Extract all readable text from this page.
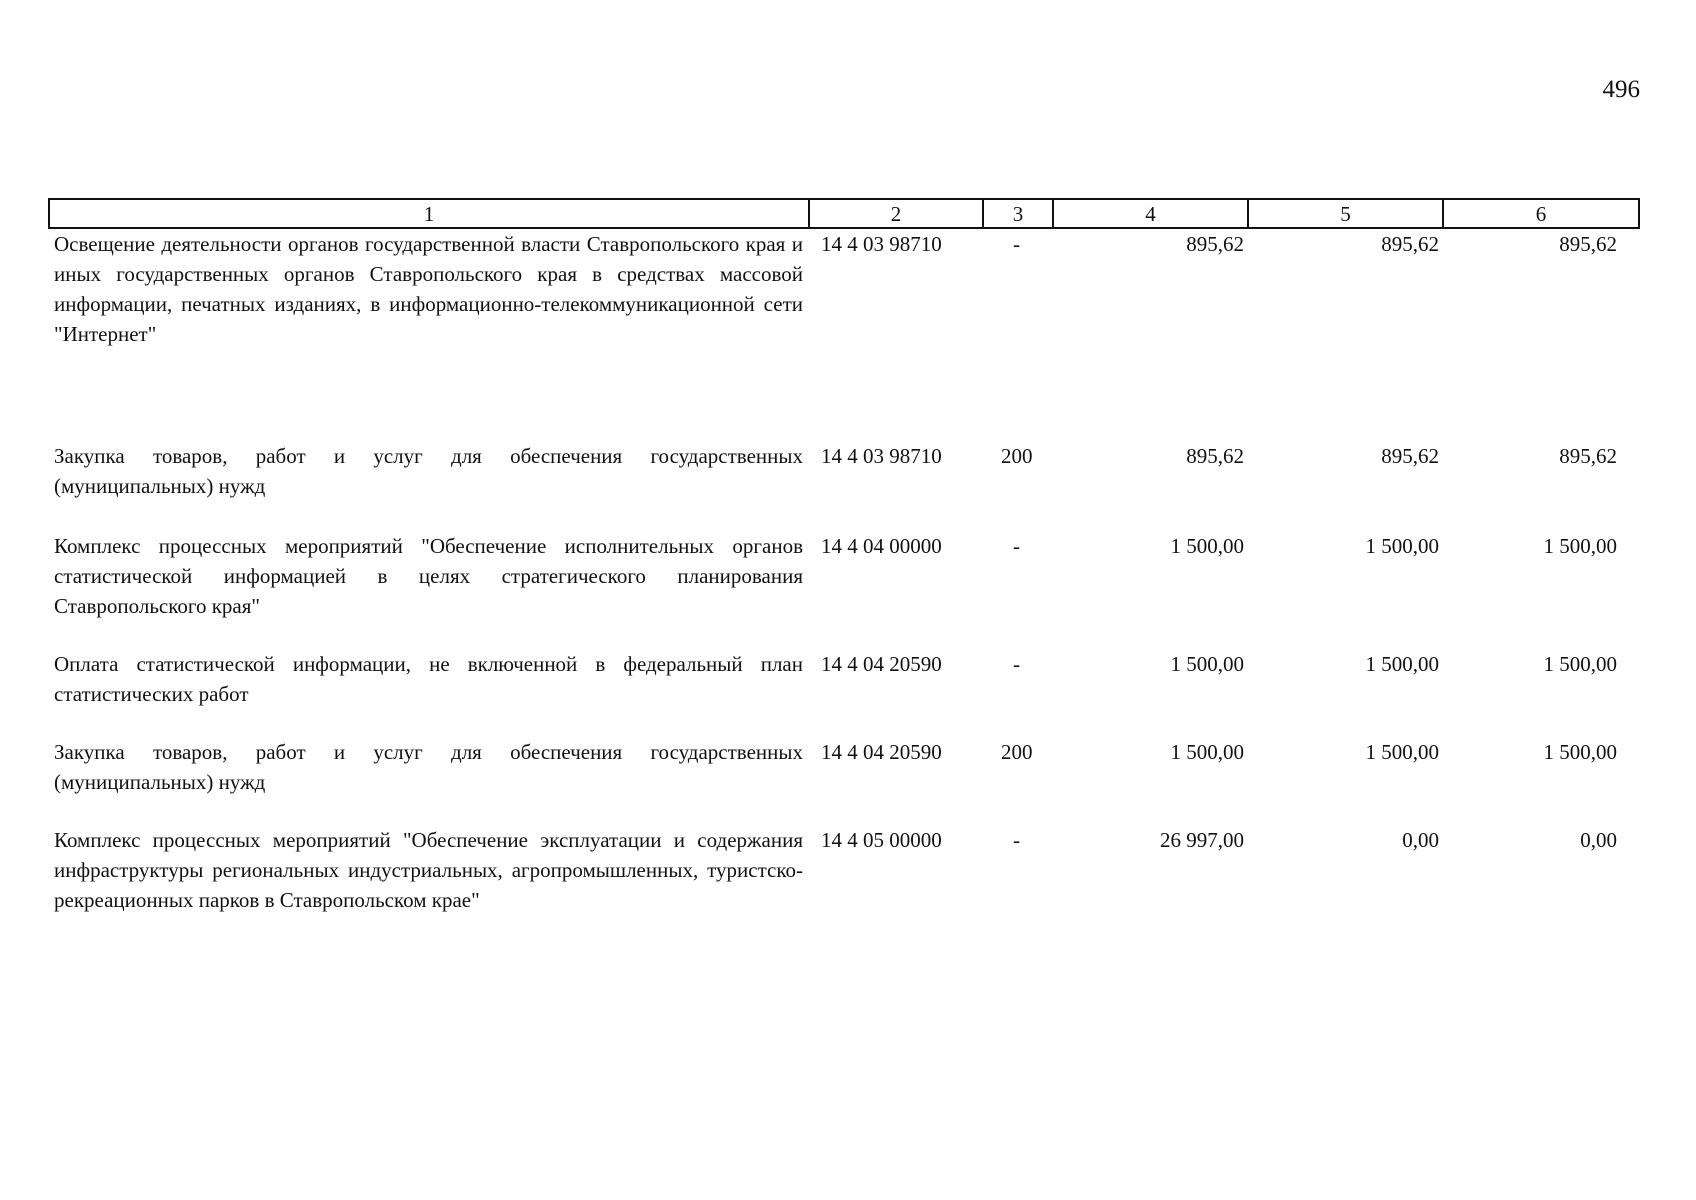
496
1	2	3	4	5	6
Освещение деятельности органов государственной власти Ставропольского края и иных государственных органов Ставропольского края в средствах массовой информации, печатных изданиях, в информационно-телекоммуникационной сети "Интернет"	14 4 03 98710	-	895,62	895,62	895,62
Закупка товаров, работ и услуг для обеспечения государственных (муниципальных) нужд	14 4 03 98710	200	895,62	895,62	895,62
Комплекс процессных мероприятий "Обеспечение исполнительных органов статистической информацией в целях стратегического планирования Ставропольского края"	14 4 04 00000	-	1 500,00	1 500,00	1 500,00
Оплата статистической информации, не включенной в федеральный план статистических работ	14 4 04 20590	-	1 500,00	1 500,00	1 500,00
Закупка товаров, работ и услуг для обеспечения государственных (муниципальных) нужд	14 4 04 20590	200	1 500,00	1 500,00	1 500,00
Комплекс процессных мероприятий "Обеспечение эксплуатации и содержания инфраструктуры региональных индустриальных, агропромышленных, туристско-рекреационных парков в Ставропольском крае"	14 4 05 00000	-	26 997,00	0,00	0,00
